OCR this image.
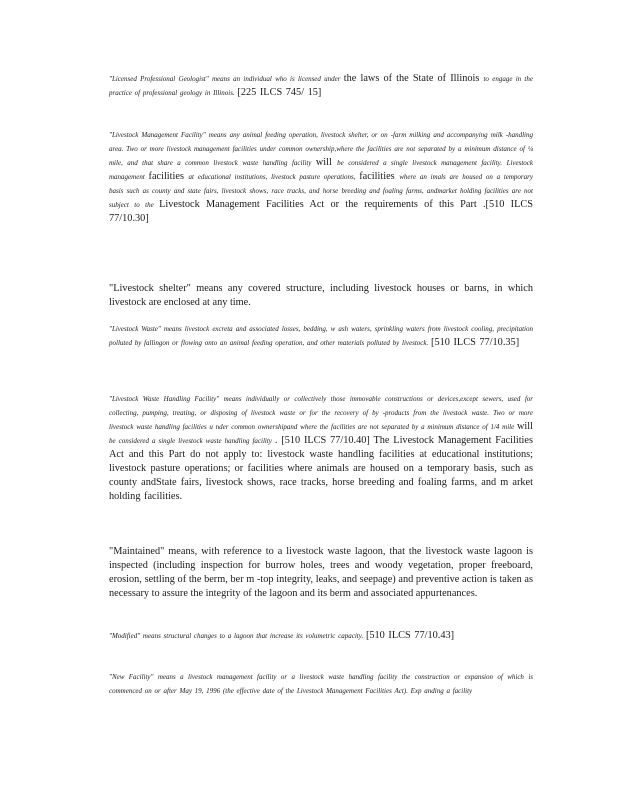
"Licensed Professional Geologist" means an individual who is licensed under the laws of the State of Illinois to engage in the practice of professional geology in Illinois. [225 ILCS 745/ 15]
"Livestock Management Facility" means any animal feeding operation, livestock shelter, or on -farm milking and accompanying milk -handling area. Two or more livestock management facilities under common ownership,where the facilities are not separated by a minimum distance of ¼ mile, and that share a common livestock waste handling facility will be considered a single livestock management facility. Livestock management facilities at educational institutions, livestock pasture operations, facilities where an imals are housed on a temporary basis such as county and state fairs, livestock shows, race tracks, and horse breeding and foaling farms, andmarket holding facilities are not subject to the Livestock Management Facilities Act or the requirements of this Part .[510 ILCS 77/10.30]
"Livestock shelter" means any covered structure, including livestock houses or barns, in which livestock are enclosed at any time.
"Livestock Waste" means livestock excreta and associated losses, bedding, w ash waters, sprinkling waters from livestock cooling, precipitation polluted by fallingon or flowing onto an animal feeding operation, and other materials polluted by livestock. [510 ILCS 77/10.35]
"Livestock Waste Handling Facility" means individually or collectively those immovable constructions or devices,except sewers, used for collecting, pumping, treating, or disposing of livestock waste or for the recovery of by -products from the livestock waste. Two or more livestock waste handling facilities u nder common ownershipand where the facilities are not separated by a minimum distance of 1/4 mile will be considered a single livestock waste handling facility . [510 ILCS 77/10.40] The Livestock Management Facilities Act and this Part do not apply to: livestock waste handling facilities at educational institutions; livestock pasture operations; or facilities where animals are housed on a temporary basis, such as county andState fairs, livestock shows, race tracks, horse breeding and foaling farms, and m arket holding facilities.
"Maintained" means, with reference to a livestock waste lagoon, that the livestock waste lagoon is inspected (including inspection for burrow holes, trees and woody vegetation, proper freeboard, erosion, settling of the berm, ber m -top integrity, leaks, and seepage) and preventive action is taken as necessary to assure the integrity of the lagoon and its berm and associated appurtenances.
"Modified" means structural changes to a lagoon that increase its volumetric capacity. [510 ILCS 77/10.43]
"New Facility" means a livestock management facility or a livestock waste handling facility the construction or expansion of which is commenced on or after May 19, 1996 (the effective date of the Livestock Management Facilities Act). Exp anding a facility
